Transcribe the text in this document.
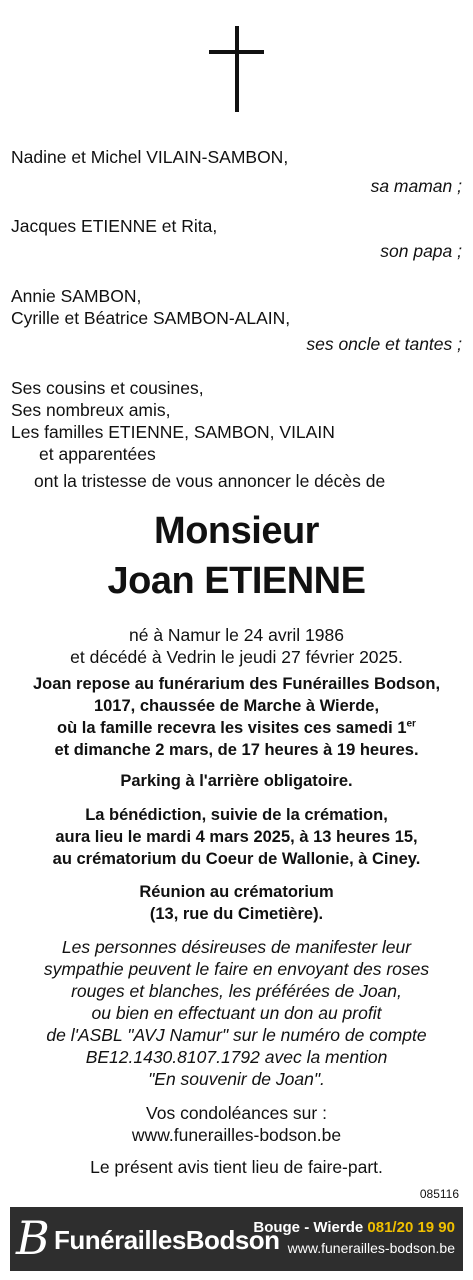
Nadine et Michel VILAIN-SAMBON,
sa maman ;
Jacques ETIENNE et Rita,
son papa ;
Annie SAMBON,
Cyrille et Béatrice SAMBON-ALAIN,
ses oncle et tantes ;
Ses cousins et cousines,
Ses nombreux amis,
Les familles ETIENNE, SAMBON, VILAIN
et apparentées
ont la tristesse de vous annoncer le décès de
Monsieur
Joan ETIENNE
né à Namur le 24 avril 1986
et décédé à Vedrin le jeudi 27 février 2025.
Joan repose au funérarium des Funérailles Bodson,
1017, chaussée de Marche à Wierde,
où la famille recevra les visites ces samedi 1er
et dimanche 2 mars, de 17 heures à 19 heures.
Parking à l'arrière obligatoire.
La bénédiction, suivie de la crémation,
aura lieu le mardi 4 mars 2025, à 13 heures 15,
au crématorium du Coeur de Wallonie, à Ciney.
Réunion au crématorium
(13, rue du Cimetière).
Les personnes désireuses de manifester leur
sympathie peuvent le faire en envoyant des roses
rouges et blanches, les préférées de Joan,
ou bien en effectuant un don au profit
de l'ASBL "AVJ Namur" sur le numéro de compte
BE12.1430.8107.1792 avec la mention
"En souvenir de Joan".
Vos condoléances sur :
www.funerailles-bodson.be
Le présent avis tient lieu de faire-part.
085116
B FunéraillesBodson
Bouge - Wierde 081/20 19 90
www.funerailles-bodson.be
